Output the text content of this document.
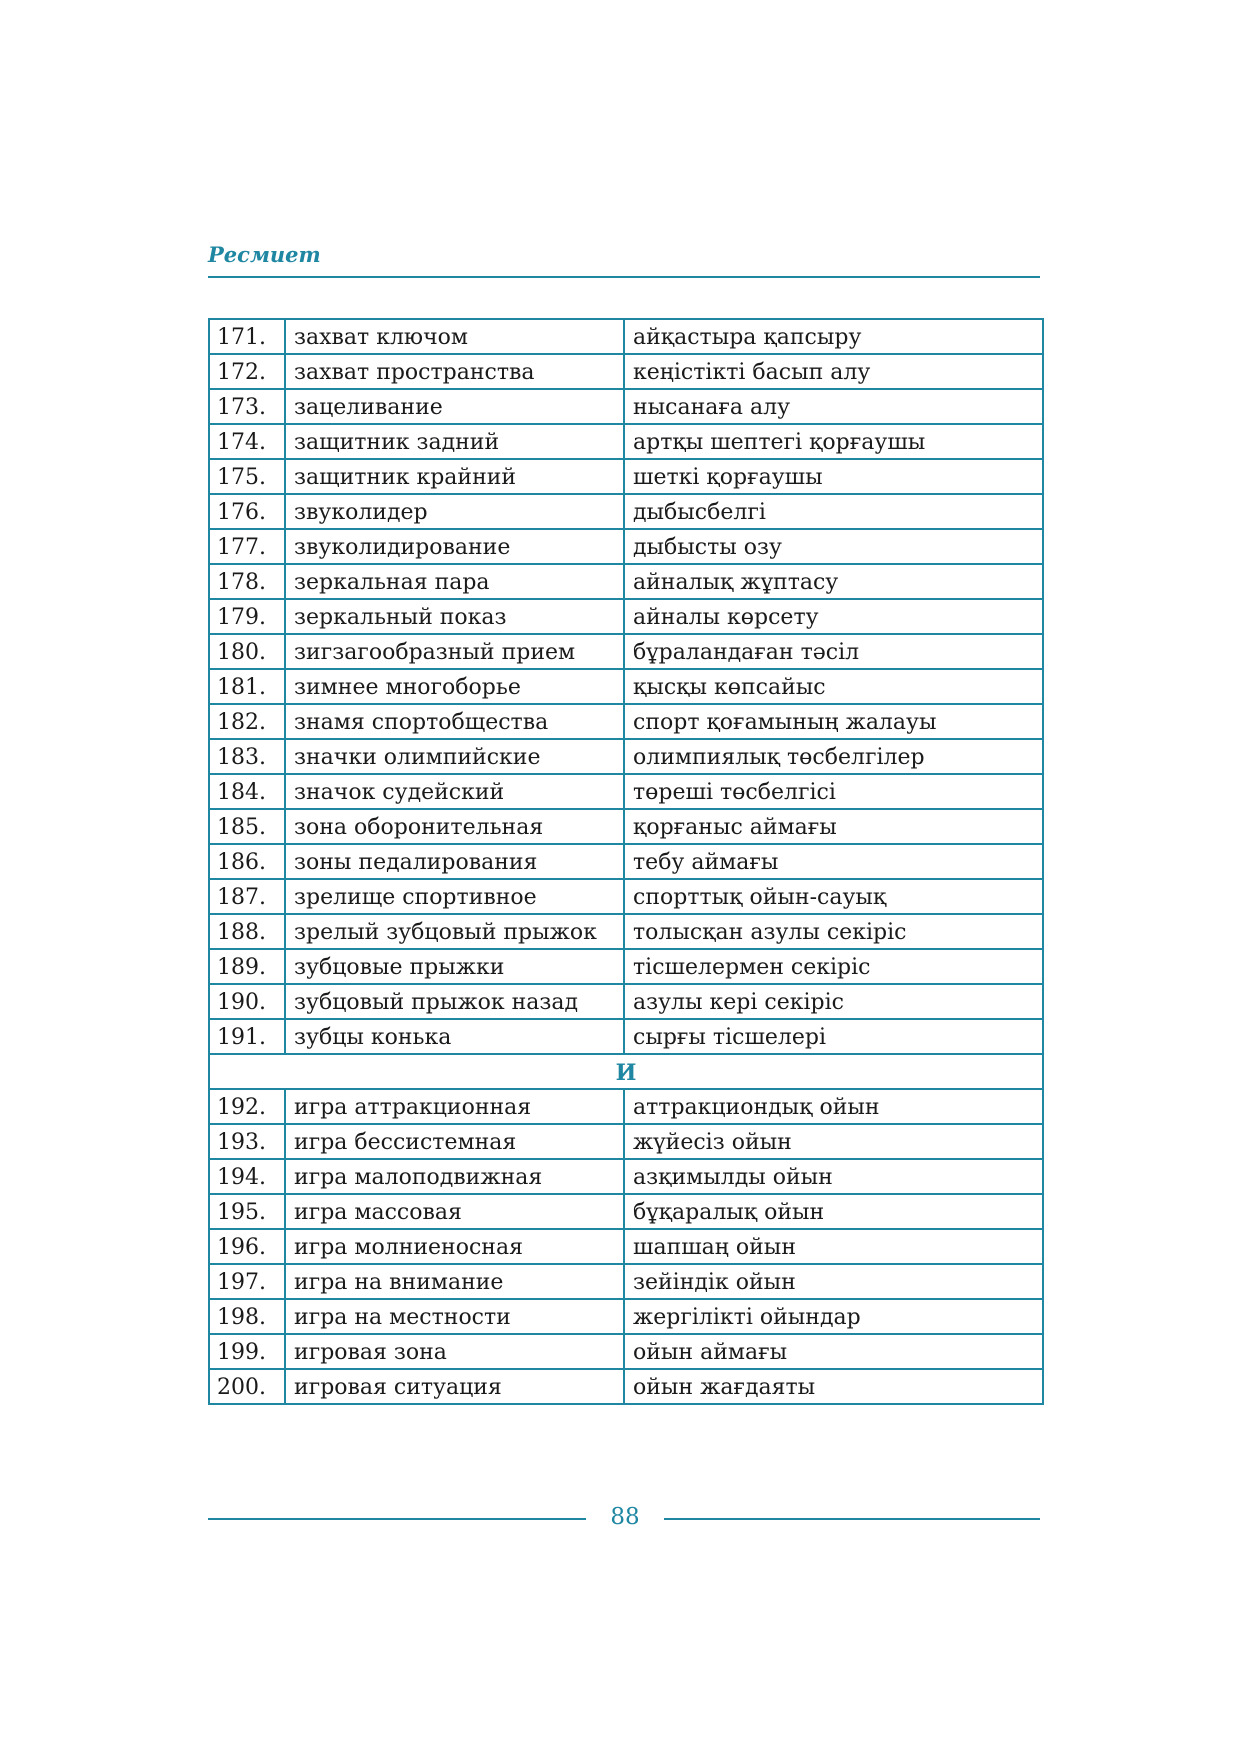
Ресмиет
171.	захват ключом	айқастыра қапсыру
172.	захват пространства	кеңістікті басып алу
173.	зацеливание	нысанаға алу
174.	защитник задний	артқы шептегі қорғаушы
175.	защитник крайний	шеткі қорғаушы
176.	звуколидер	дыбысбелгі
177.	звуколидирование	дыбысты озу
178.	зеркальная пара	айналық жұптасу
179.	зеркальный показ	айналы көрсету
180.	зигзагообразный прием	бұраландаған тәсіл
181.	зимнее многоборье	қысқы көпсайыс
182.	знамя спортобщества	спорт қоғамының жалауы
183.	значки олимпийские	олимпиялық төсбелгілер
184.	значок судейский	төреші төсбелгісі
185.	зона оборонительная	қорғаныс аймағы
186.	зоны педалирования	тебу аймағы
187.	зрелище спортивное	спорттық ойын-сауық
188.	зрелый зубцовый прыжок	толысқан азулы секіріс
189.	зубцовые прыжки	тісшелермен секіріс
190.	зубцовый прыжок назад	азулы кері секіріс
191.	зубцы конька	сырғы тісшелері
И		
192.	игра аттракционная	аттракциондық ойын
193.	игра бессистемная	жүйесіз ойын
194.	игра малоподвижная	азқимылды ойын
195.	игра массовая	бұқаралық ойын
196.	игра молниеносная	шапшаң ойын
197.	игра на внимание	зейіндік ойын
198.	игра на местности	жергілікті ойындар
199.	игровая зона	ойын аймағы
200.	игровая ситуация	ойын жағдаяты
88
